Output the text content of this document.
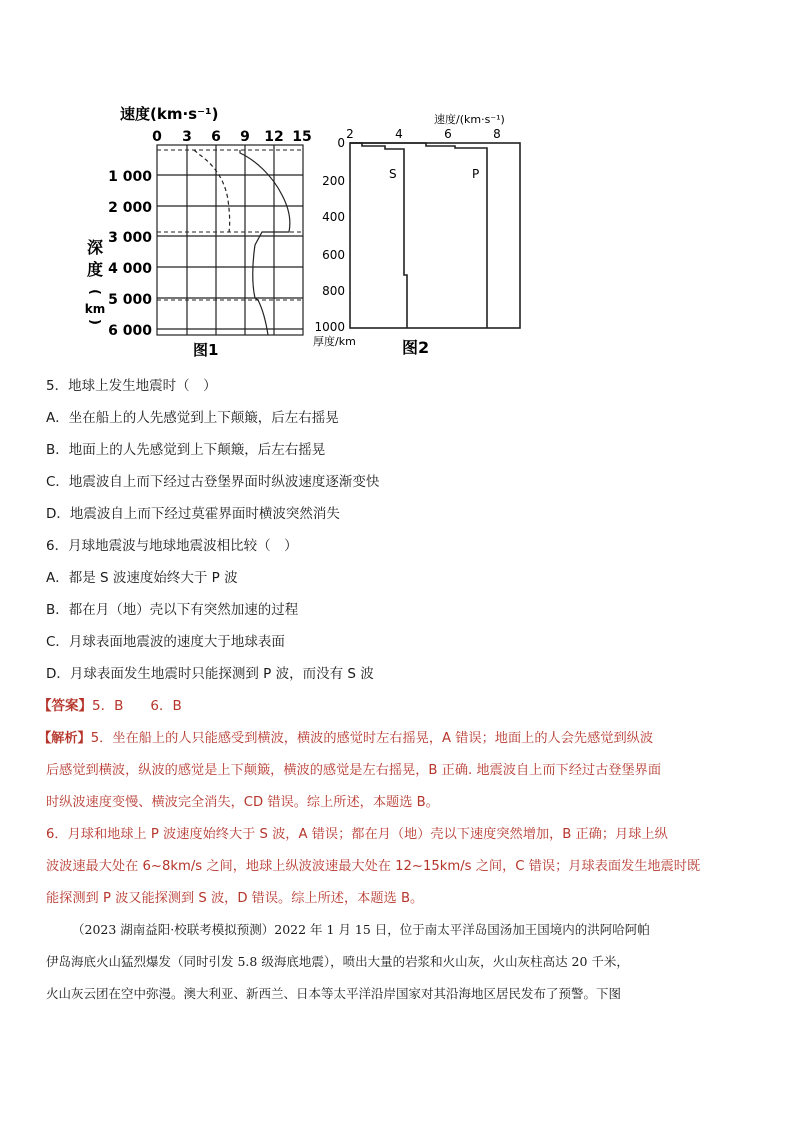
速度(km·s⁻¹)
0 3 6 9 12 15
1 000
2 000
3 000
4 000
5 000
6 000
深
度
(
km
)
图1
速度/(km·s⁻¹)
2	4	6	8
S	P
0
200
400
600
800
1000
厚度/km	图2
5．地球上发生地震时（　）
A．坐在船上的人先感觉到上下颠簸，后左右摇晃
B．地面上的人先感觉到上下颠簸，后左右摇晃
C．地震波自上而下经过古登堡界面时纵波速度逐渐变快
D．地震波自上而下经过莫霍界面时横波突然消失
6．月球地震波与地球地震波相比较（　）
A．都是 S 波速度始终大于 P 波
B．都在月（地）壳以下有突然加速的过程
C．月球表面地震波的速度大于地球表面
D．月球表面发生地震时只能探测到 P 波，而没有 S 波
【答案】5．B　　6．B
【解析】5．坐在船上的人只能感受到横波，横波的感觉时左右摇晃，A 错误；地面上的人会先感觉到纵波
后感觉到横波，纵波的感觉是上下颠簸，横波的感觉是左右摇晃，B 正确. 地震波自上而下经过古登堡界面
时纵波速度变慢、横波完全消失，CD 错误。综上所述，本题选 B。
6．月球和地球上 P 波速度始终大于 S 波，A 错误；都在月（地）壳以下速度突然增加，B 正确；月球上纵
波波速最大处在 6~8km/s 之间，地球上纵波波速最大处在 12~15km/s 之间，C 错误；月球表面发生地震时既
能探测到 P 波又能探测到 S 波，D 错误。综上所述，本题选 B。
（2023 湖南益阳·校联考模拟预测）2022 年 1 月 15 日，位于南太平洋岛国汤加王国境内的洪阿哈阿帕
伊岛海底火山猛烈爆发（同时引发 5.8 级海底地震），喷出大量的岩浆和火山灰，火山灰柱高达 20 千米，
火山灰云团在空中弥漫。澳大利亚、新西兰、日本等太平洋沿岸国家对其沿海地区居民发布了预警。下图
